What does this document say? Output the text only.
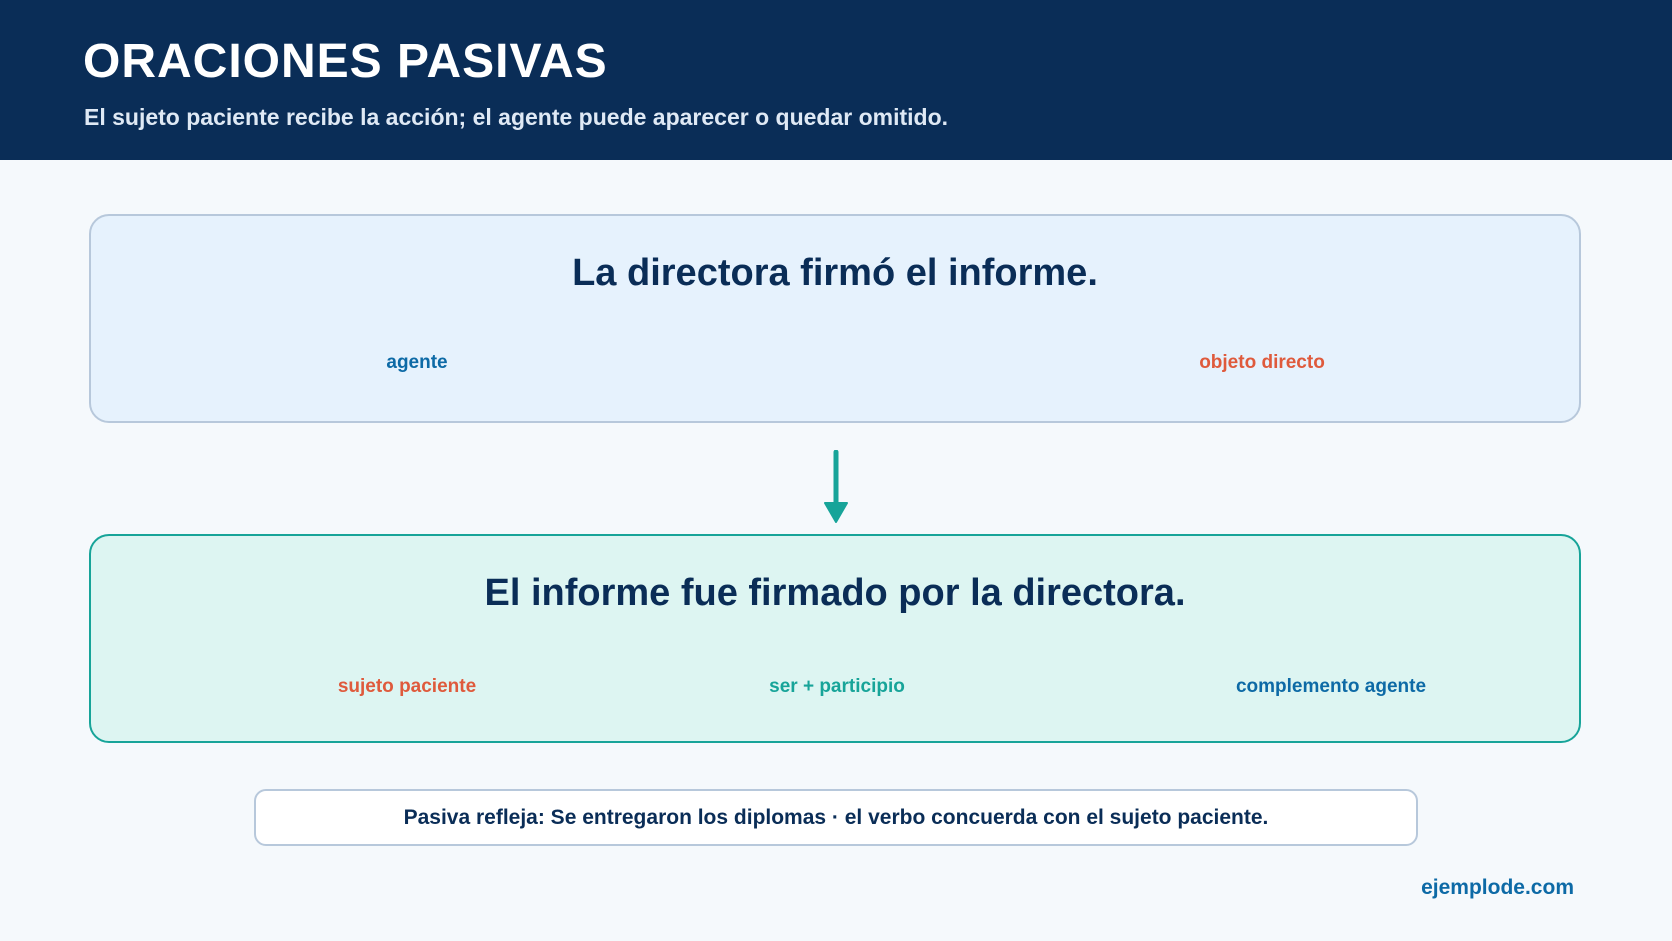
ORACIONES PASIVAS
El sujeto paciente recibe la acción; el agente puede aparecer o quedar omitido.
La directora firmó el informe.
agente	objeto directo
El informe fue firmado por la directora.
sujeto paciente	ser + participio	complemento agente
Pasiva refleja: Se entregaron los diplomas · el verbo concuerda con el sujeto paciente.
ejemplode.com
